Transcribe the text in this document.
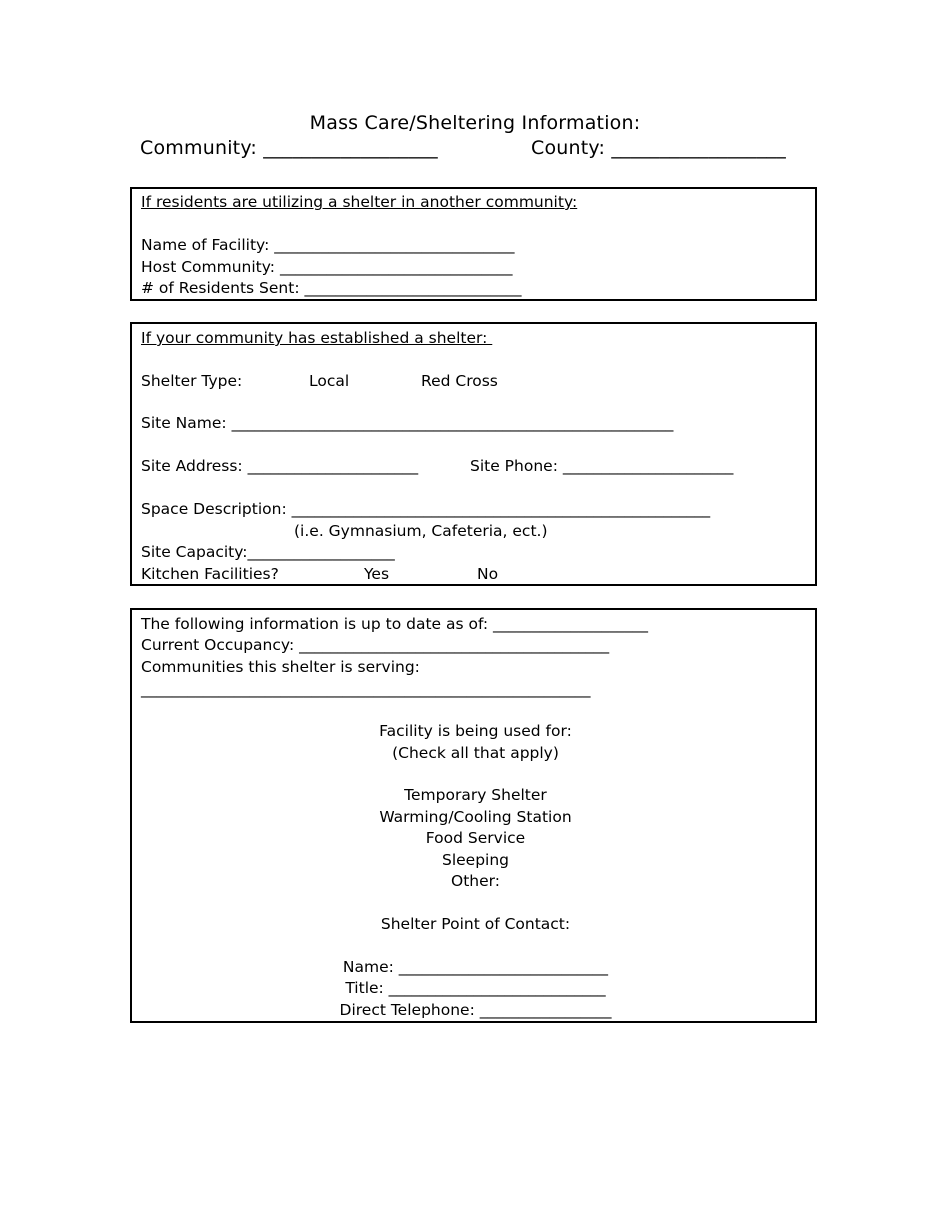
Mass Care/Sheltering Information:
Community: __________________	County: __________________
If residents are utilizing a shelter in another community:
Name of Facility: _______________________________
Host Community: ______________________________
# of Residents Sent: ____________________________
If your community has established a shelter:
Shelter Type:	Local	Red Cross
Site Name: _________________________________________________________
Site Address: ______________________	Site Phone: ______________________
Space Description: ______________________________________________________
(i.e. Gymnasium, Cafeteria, ect.)
Site Capacity:___________________
Kitchen Facilities?	Yes	No
The following information is up to date as of: ____________________
Current Occupancy: ________________________________________
Communities this shelter is serving:
__________________________________________________________
Facility is being used for:
(Check all that apply)
Temporary Shelter
Warming/Cooling Station
Food Service
Sleeping
Other:
Shelter Point of Contact:
Name: ___________________________
Title: ____________________________
Direct Telephone: _________________
